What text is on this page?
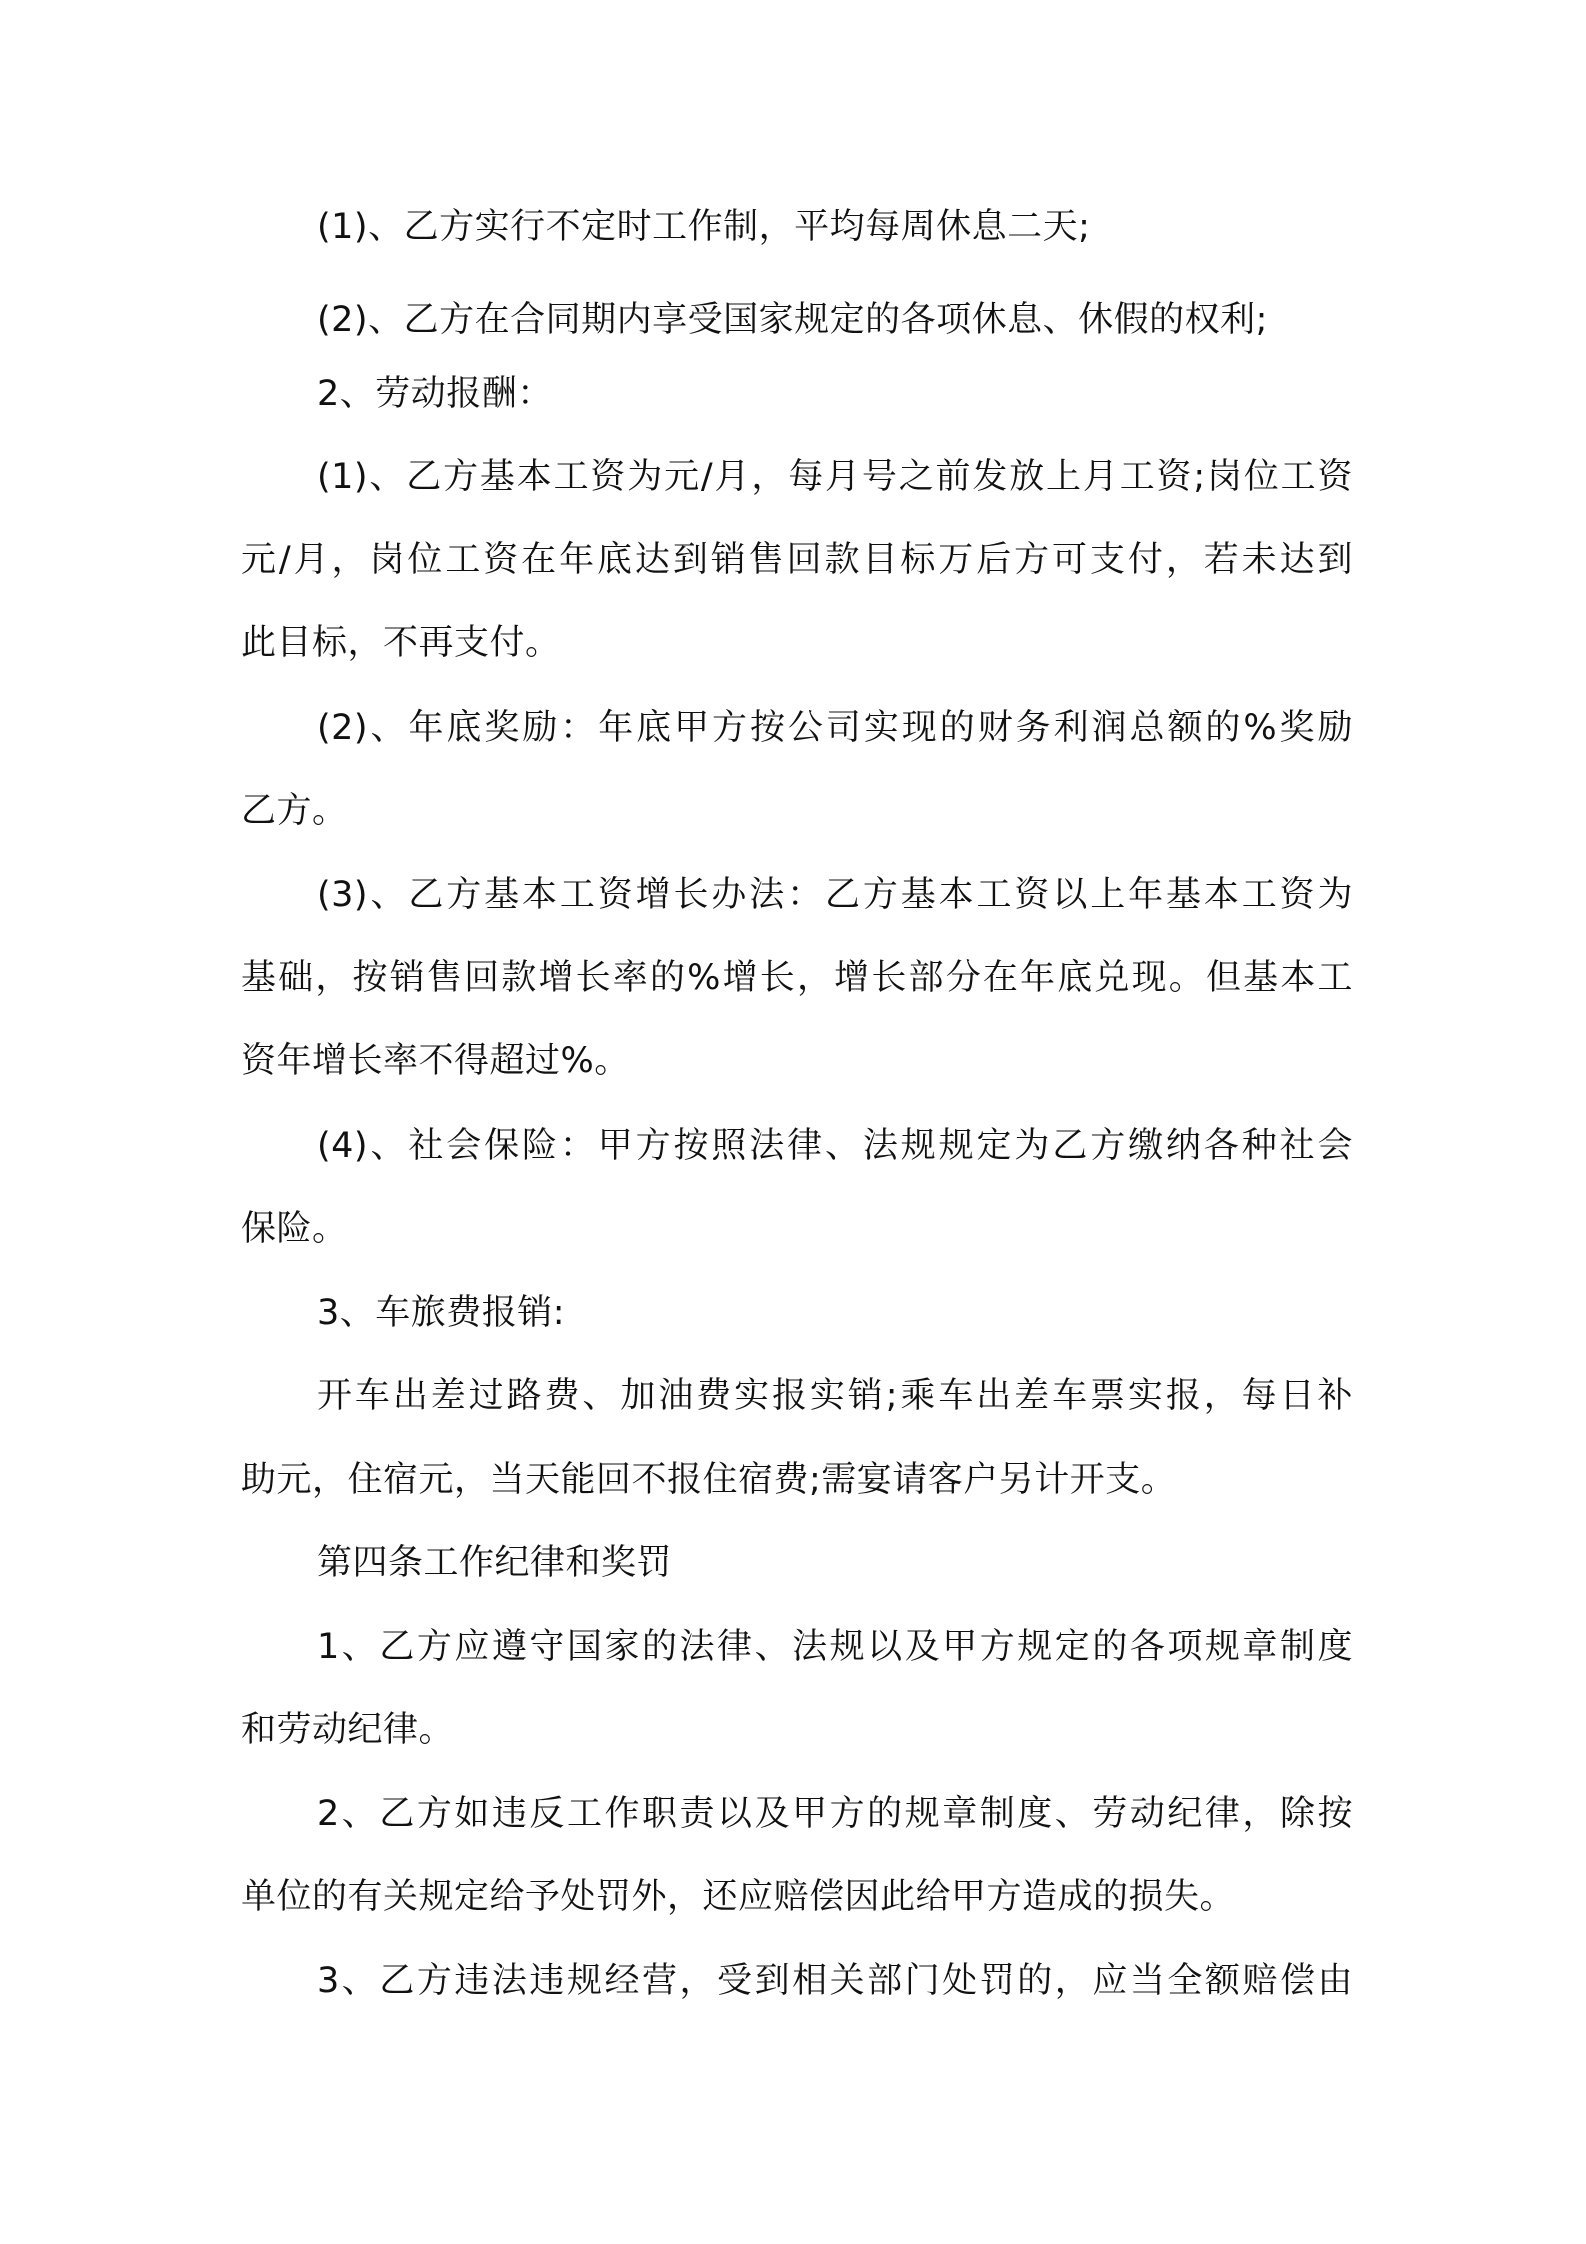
(1)、乙方实行不定时工作制，平均每周休息二天;
(2)、乙方在合同期内享受国家规定的各项休息、休假的权利;
2、劳动报酬：
(1)、乙方基本工资为元/月，每月号之前发放上月工资;岗位工资
元/月，岗位工资在年底达到销售回款目标万后方可支付，若未达到
此目标，不再支付。
(2)、年底奖励：年底甲方按公司实现的财务利润总额的%奖励
乙方。
(3)、乙方基本工资增长办法：乙方基本工资以上年基本工资为
基础，按销售回款增长率的%增长，增长部分在年底兑现。但基本工
资年增长率不得超过%。
(4)、社会保险：甲方按照法律、法规规定为乙方缴纳各种社会
保险。
3、车旅费报销:
开车出差过路费、加油费实报实销;乘车出差车票实报，每日补
助元，住宿元，当天能回不报住宿费;需宴请客户另计开支。
第四条工作纪律和奖罚
1、乙方应遵守国家的法律、法规以及甲方规定的各项规章制度
和劳动纪律。
2、乙方如违反工作职责以及甲方的规章制度、劳动纪律，除按
单位的有关规定给予处罚外，还应赔偿因此给甲方造成的损失。
3、乙方违法违规经营，受到相关部门处罚的，应当全额赔偿由
